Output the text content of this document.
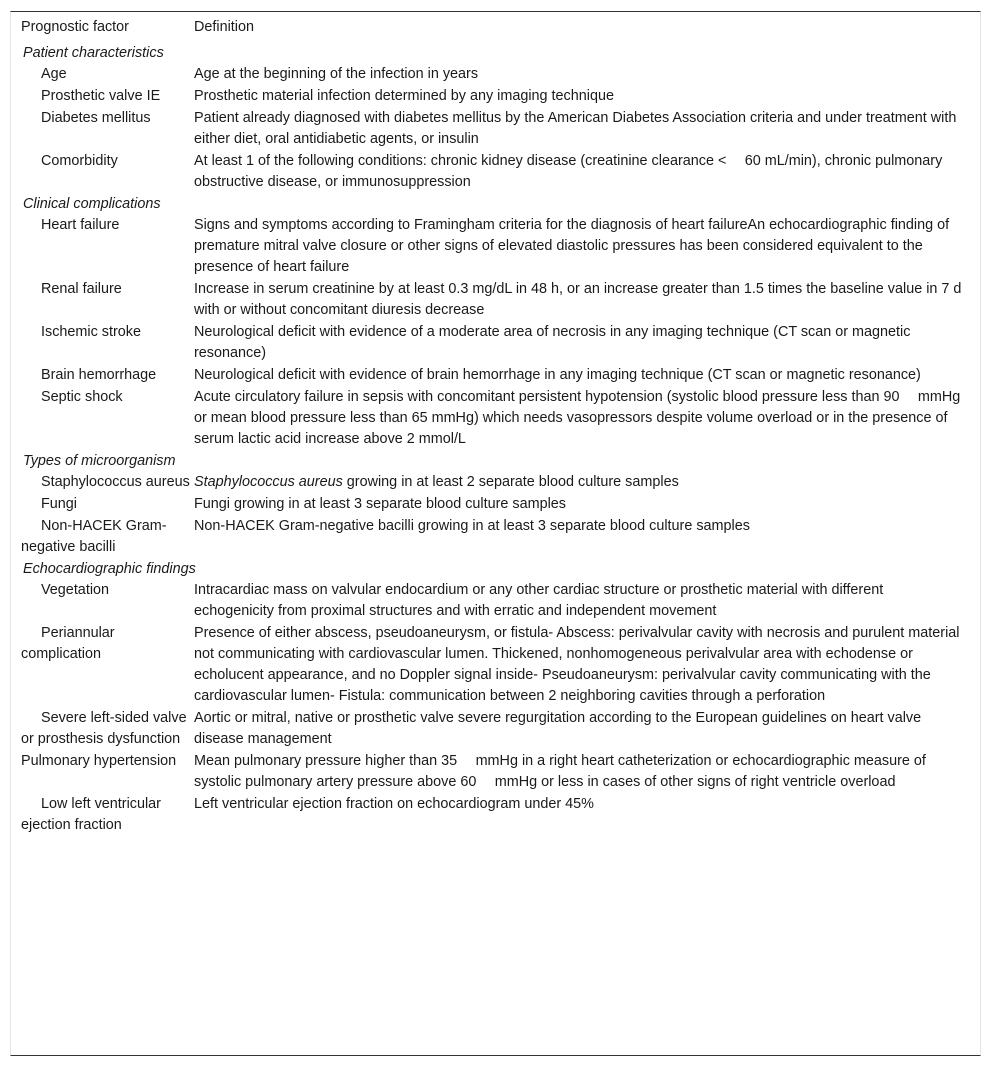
Prognostic factor	Definition
Patient characteristics	
Age	Age at the beginning of the infection in years
Prosthetic valve IE	Prosthetic material infection determined by any imaging technique
Diabetes mellitus	Patient already diagnosed with diabetes mellitus by the American Diabetes Association criteria and under treatment with either diet, oral antidiabetic agents, or insulin
Comorbidity	At least 1 of the following conditions: chronic kidney disease (creatinine clearance <  60 mL/min), chronic pulmonary obstructive disease, or immunosuppression
Clinical complications	
Heart failure	Signs and symptoms according to Framingham criteria for the diagnosis of heart failureAn echocardiographic finding of premature mitral valve closure or other signs of elevated diastolic pressures has been considered equivalent to the presence of heart failure
Renal failure	Increase in serum creatinine by at least 0.3 mg/dL in 48 h, or an increase greater than 1.5 times the baseline value in 7 d with or without concomitant diuresis decrease
Ischemic stroke	Neurological deficit with evidence of a moderate area of necrosis in any imaging technique (CT scan or magnetic resonance)
Brain hemorrhage	Neurological deficit with evidence of brain hemorrhage in any imaging technique (CT scan or magnetic resonance)
Septic shock	Acute circulatory failure in sepsis with concomitant persistent hypotension (systolic blood pressure less than 90  mmHg or mean blood pressure less than 65 mmHg) which needs vasopressors despite volume overload or in the presence of serum lactic acid increase above 2 mmol/L
Types of microorganism	
Staphylococcus aureus	Staphylococcus aureus growing in at least 2 separate blood culture samples
Fungi	Fungi growing in at least 3 separate blood culture samples
Non-HACEK Gram-negative bacilli	Non-HACEK Gram-negative bacilli growing in at least 3 separate blood culture samples
Echocardiographic findings	
Vegetation	Intracardiac mass on valvular endocardium or any other cardiac structure or prosthetic material with different echogenicity from proximal structures and with erratic and independent movement
Periannular complication	Presence of either abscess, pseudoaneurysm, or fistula- Abscess: perivalvular cavity with necrosis and purulent material not communicating with cardiovascular lumen. Thickened, nonhomogeneous perivalvular area with echodense or echolucent appearance, and no Doppler signal inside- Pseudoaneurysm: perivalvular cavity communicating with the cardiovascular lumen- Fistula: communication between 2 neighboring cavities through a perforation
Severe left-sided valve or prosthesis dysfunction	Aortic or mitral, native or prosthetic valve severe regurgitation according to the European guidelines on heart valve disease management
Pulmonary hypertension	Mean pulmonary pressure higher than 35  mmHg in a right heart catheterization or echocardiographic measure of systolic pulmonary artery pressure above 60  mmHg or less in cases of other signs of right ventricle overload
Low left ventricular ejection fraction	Left ventricular ejection fraction on echocardiogram under 45%
